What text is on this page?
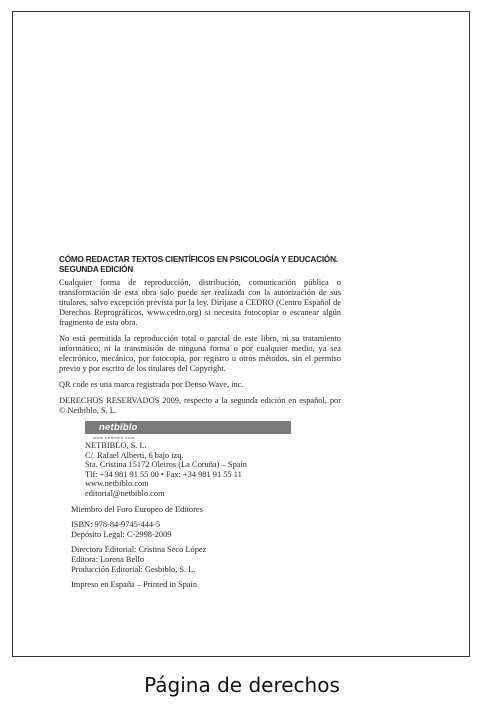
CÓMO REDACTAR TEXTOS CIENTÍFICOS EN PSICOLOGÍA Y EDUCACIÓN.
SEGUNDA EDICIÓN

Cualquier forma de reproducción, distribución, comunicación pública o transformación de esta obra solo puede ser realizada con la autorización de sus titulares, salvo excepción prevista por la ley. Diríjase a CEDRO (Centro Español de Derechos Reprográficos, www.cedro.org) si necesita fotocopiar o escanear algún fragmento de esta obra.

No está permitida la reproducción total o parcial de este libro, ni su tratamiento informático, ni la transmisión de ninguna forma o por cualquier medio, ya sea electrónico, mecánico, por fotocopia, por registro u otros métodos, sin el permiso previo y por escrito de los titulares del Copyright.

QR code es una marca registrada por Denso Wave, inc.

DERECHOS RESERVADOS 2009, respecto a la segunda edición en español, por © Netbiblo, S. L.

netbiblo
www.netbiblo.com
NETBIBLO, S. L.
C/. Rafael Alberti, 6 bajo izq.
Sta. Cristina 15172 Oleiros (La Coruña) – Spain
Tlf: +34 981 91 55 00 • Fax: +34 981 91 55 11
www.netbiblo.com
editorial@netbiblo.com
Miembro del Foro Europeo de Editores
ISBN: 978-84-9745-444-5
Depósito Legal: C-2998-2009
Directora Editorial: Cristina Seco López
Editora: Lorena Bello
Producción Editorial: Gesbiblo, S. L.
Impreso en España – Printed in Spain
Página de derechos
